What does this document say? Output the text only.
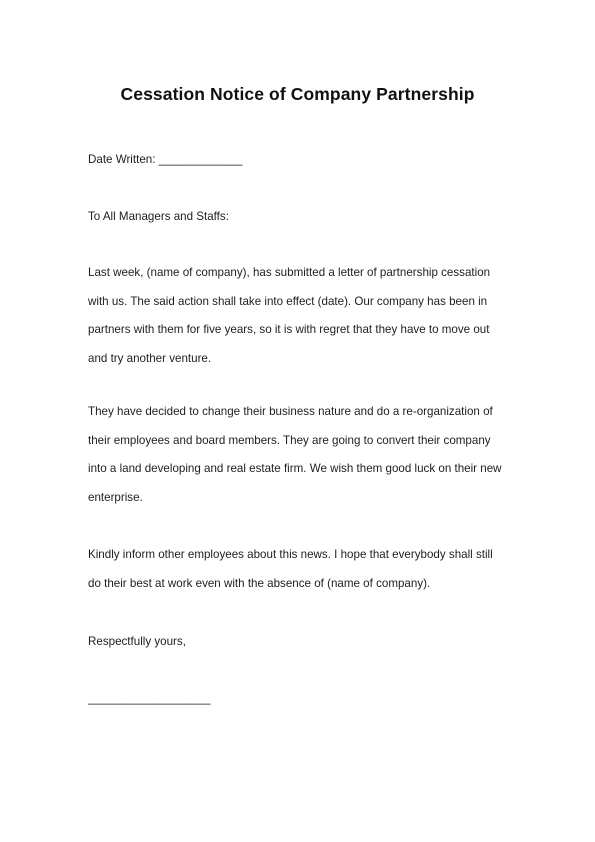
Cessation Notice of Company Partnership
Date Written: _____________
To All Managers and Staffs:
Last week, (name of company), has submitted a letter of partnership cessation
with us. The said action shall take into effect (date). Our company has been in
partners with them for five years, so it is with regret that they have to move out
and try another venture.
They have decided to change their business nature and do a re-organization of
their employees and board members. They are going to convert their company
into a land developing and real estate firm. We wish them good luck on their new
enterprise.
Kindly inform other employees about this news. I hope that everybody shall still
do their best at work even with the absence of (name of company).
Respectfully yours,
___________________
